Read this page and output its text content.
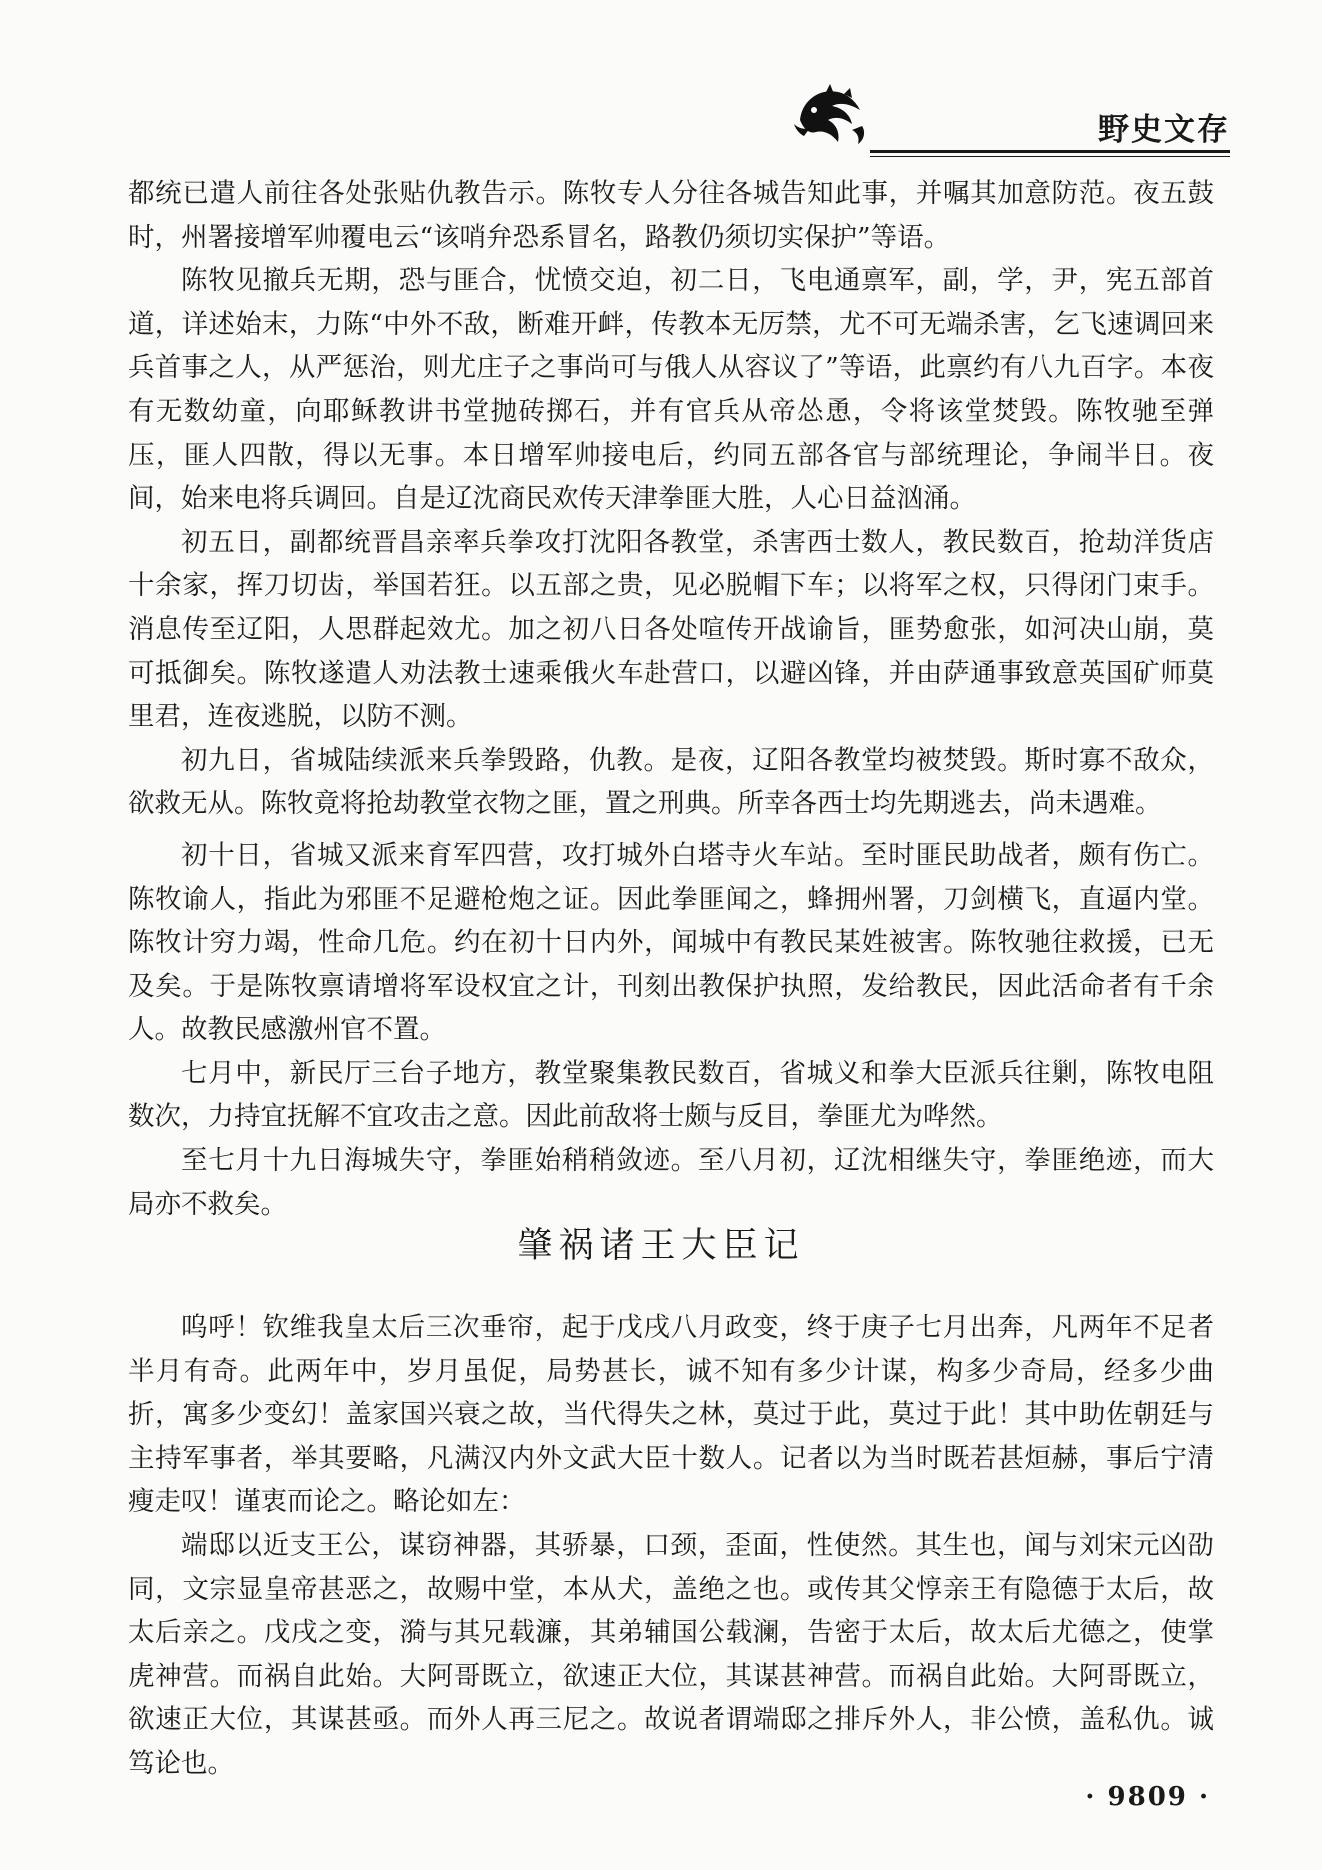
野史文存

都统已遣人前往各处张贴仇教告示。陈牧专人分往各城告知此事，并嘱其加意防范。夜五鼓时，州署接增军帅覆电云“该哨弁恐系冒名，路教仍须切实保护”等语。

陈牧见撤兵无期，恐与匪合，忧愤交迫，初二日，飞电通禀军，副，学，尹，宪五部首道，详述始末，力陈“中外不敌，断难开衅，传教本无厉禁，尤不可无端杀害，乞飞速调回来兵首事之人，从严惩治，则尤庄子之事尚可与俄人从容议了”等语，此禀约有八九百字。本夜有无数幼童，向耶稣教讲书堂抛砖掷石，并有官兵从帝怂恿，令将该堂焚毁。陈牧驰至弹压，匪人四散，得以无事。本日增军帅接电后，约同五部各官与部统理论，争闹半日。夜间，始来电将兵调回。自是辽沈商民欢传天津拳匪大胜，人心日益汹涌。

初五日，副都统晋昌亲率兵拳攻打沈阳各教堂，杀害西士数人，教民数百，抢劫洋货店十余家，挥刀切齿，举国若狂。以五部之贵，见必脱帽下车；以将军之权，只得闭门束手。消息传至辽阳，人思群起效尤。加之初八日各处喧传开战谕旨，匪势愈张，如河决山崩，莫可抵御矣。陈牧遂遣人劝法教士速乘俄火车赴营口，以避凶锋，并由萨通事致意英国矿师莫里君，连夜逃脱，以防不测。

初九日，省城陆续派来兵拳毁路，仇教。是夜，辽阳各教堂均被焚毁。斯时寡不敌众，欲救无从。陈牧竟将抢劫教堂衣物之匪，置之刑典。所幸各西士均先期逃去，尚未遇难。

初十日，省城又派来育军四营，攻打城外白塔寺火车站。至时匪民助战者，颇有伤亡。陈牧谕人，指此为邪匪不足避枪炮之证。因此拳匪闻之，蜂拥州署，刀剑横飞，直逼内堂。陈牧计穷力竭，性命几危。约在初十日内外，闻城中有教民某姓被害。陈牧驰往救援，已无及矣。于是陈牧禀请增将军设权宜之计，刊刻出教保护执照，发给教民，因此活命者有千余人。故教民感激州官不置。

七月中，新民厅三台子地方，教堂聚集教民数百，省城义和拳大臣派兵往剿，陈牧电阻数次，力持宜抚解不宜攻击之意。因此前敌将士颇与反目，拳匪尤为哗然。

至七月十九日海城失守，拳匪始稍稍敛迹。至八月初，辽沈相继失守，拳匪绝迹，而大局亦不救矣。

肇祸诸王大臣记

呜呼！钦维我皇太后三次垂帘，起于戊戌八月政变，终于庚子七月出奔，凡两年不足者半月有奇。此两年中，岁月虽促，局势甚长，诚不知有多少计谋，构多少奇局，经多少曲折，寓多少变幻！盖家国兴衰之故，当代得失之林，莫过于此，莫过于此！其中助佐朝廷与主持军事者，举其要略，凡满汉内外文武大臣十数人。记者以为当时既若甚烜赫，事后宁清瘦走叹！谨衷而论之。略论如左：

端邸以近支王公，谋窃神器，其骄暴，口颈，歪面，性使然。其生也，闻与刘宋元凶劭同，文宗显皇帝甚恶之，故赐中堂，本从犬，盖绝之也。或传其父惇亲王有隐德于太后，故太后亲之。戊戌之变，漪与其兄载濂，其弟辅国公载澜，告密于太后，故太后尤德之，使掌虎神营。而祸自此始。大阿哥既立，欲速正大位，其谋甚神营。而祸自此始。大阿哥既立，欲速正大位，其谋甚亟。而外人再三尼之。故说者谓端邸之排斥外人，非公愤，盖私仇。诚笃论也。

· 9809 ·
